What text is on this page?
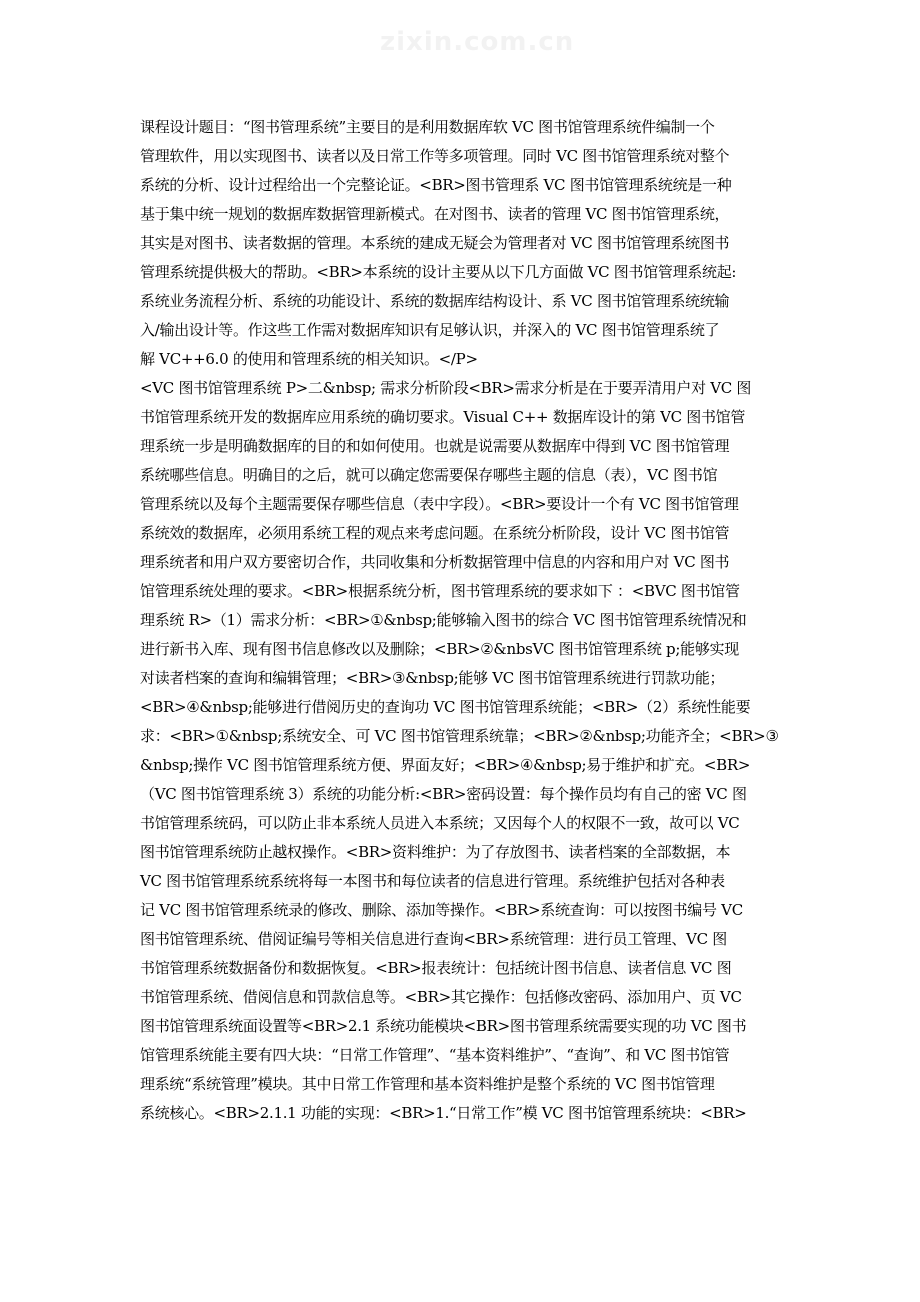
zixin.com.cn
课程设计题目：“图书管理系统”主要目的是利用数据库软 VC 图书馆管理系统件编制一个
管理软件，用以实现图书、读者以及日常工作等多项管理。同时 VC 图书馆管理系统对整个
系统的分析、设计过程给出一个完整论证。<BR>图书管理系 VC 图书馆管理系统统是一种
基于集中统一规划的数据库数据管理新模式。在对图书、读者的管理 VC 图书馆管理系统，
其实是对图书、读者数据的管理。本系统的建成无疑会为管理者对 VC 图书馆管理系统图书
管理系统提供极大的帮助。<BR>本系统的设计主要从以下几方面做 VC 图书馆管理系统起:
系统业务流程分析、系统的功能设计、系统的数据库结构设计、系 VC 图书馆管理系统统输
入/输出设计等。作这些工作需对数据库知识有足够认识，并深入的 VC 图书馆管理系统了
解 VC++6.0 的使用和管理系统的相关知识。</P>
<VC 图书馆管理系统 P>二&nbsp; 需求分析阶段<BR>需求分析是在于要弄清用户对 VC 图
书馆管理系统开发的数据库应用系统的确切要求。Visual C++ 数据库设计的第 VC 图书馆管
理系统一步是明确数据库的目的和如何使用。也就是说需要从数据库中得到 VC 图书馆管理
系统哪些信息。明确目的之后，就可以确定您需要保存哪些主题的信息（表），VC 图书馆
管理系统以及每个主题需要保存哪些信息（表中字段）。<BR>要设计一个有 VC 图书馆管理
系统效的数据库，必须用系统工程的观点来考虑问题。在系统分析阶段，设计 VC 图书馆管
理系统者和用户双方要密切合作，共同收集和分析数据管理中信息的内容和用户对 VC 图书
馆管理系统处理的要求。<BR>根据系统分析，图书管理系统的要求如下 ：<BVC 图书馆管
理系统 R>（1）需求分析：<BR>①&nbsp;能够输入图书的综合 VC 图书馆管理系统情况和
进行新书入库、现有图书信息修改以及删除；<BR>②&nbsVC 图书馆管理系统 p;能够实现
对读者档案的查询和编辑管理；<BR>③&nbsp;能够 VC 图书馆管理系统进行罚款功能；
<BR>④&nbsp;能够进行借阅历史的查询功 VC 图书馆管理系统能；<BR>（2）系统性能要
求：<BR>①&nbsp;系统安全、可 VC 图书馆管理系统靠；<BR>②&nbsp;功能齐全；<BR>③
&nbsp;操作 VC 图书馆管理系统方便、界面友好；<BR>④&nbsp;易于维护和扩充。<BR>
（VC 图书馆管理系统 3）系统的功能分析:<BR>密码设置：每个操作员均有自己的密 VC 图
书馆管理系统码，可以防止非本系统人员进入本系统；又因每个人的权限不一致，故可以 VC
图书馆管理系统防止越权操作。<BR>资料维护：为了存放图书、读者档案的全部数据，本
VC 图书馆管理系统系统将每一本图书和每位读者的信息进行管理。系统维护包括对各种表
记 VC 图书馆管理系统录的修改、删除、添加等操作。<BR>系统查询：可以按图书编号 VC
图书馆管理系统、借阅证编号等相关信息进行查询<BR>系统管理：进行员工管理、VC 图
书馆管理系统数据备份和数据恢复。<BR>报表统计：包括统计图书信息、读者信息 VC 图
书馆管理系统、借阅信息和罚款信息等。<BR>其它操作：包括修改密码、添加用户、页 VC
图书馆管理系统面设置等<BR>2.1 系统功能模块<BR>图书管理系统需要实现的功 VC 图书
馆管理系统能主要有四大块：“日常工作管理”、“基本资料维护”、“查询”、和 VC 图书馆管
理系统“系统管理”模块。其中日常工作管理和基本资料维护是整个系统的 VC 图书馆管理
系统核心。<BR>2.1.1 功能的实现：<BR>1.“日常工作”模 VC 图书馆管理系统块：<BR>
